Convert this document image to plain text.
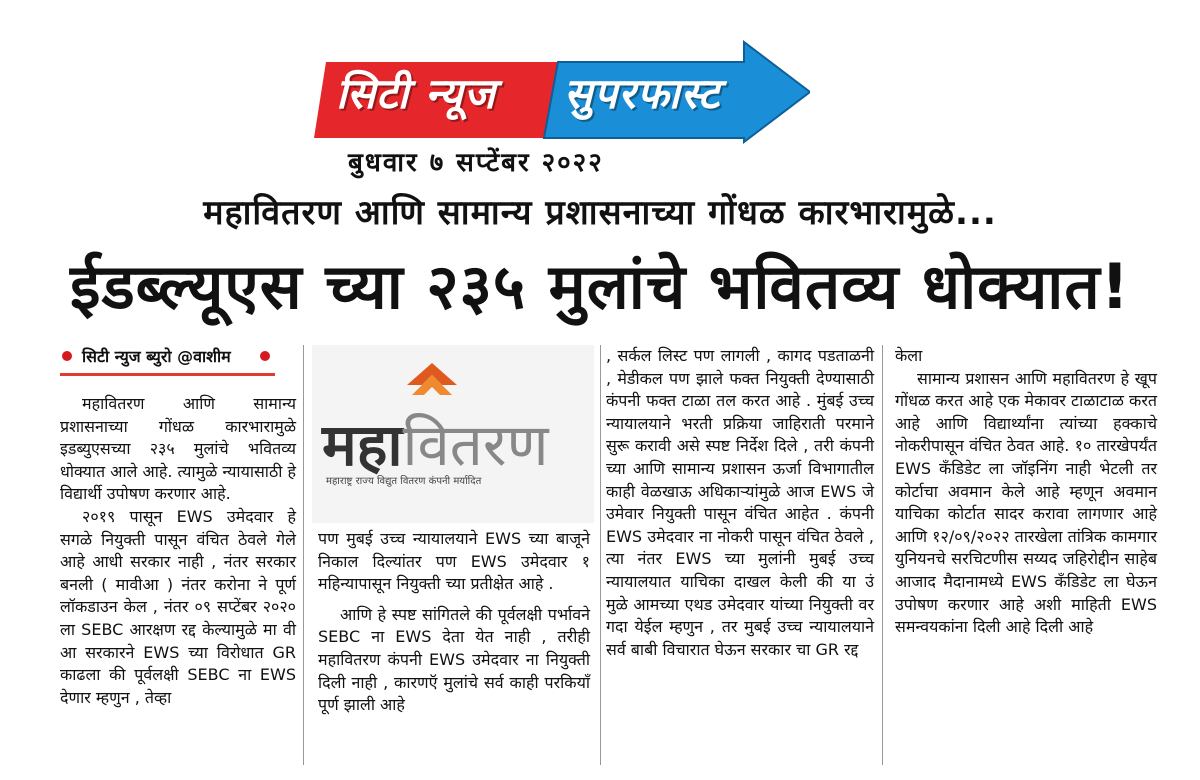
सिटी न्यूज सुपरफास्ट
बुधवार ७ सप्टेंबर २०२२
महावितरण आणि सामान्य प्रशासनाच्या गोंधळ कारभारामुळे...
ईडब्ल्यूएस च्या २३५ मुलांचे भवितव्य धोक्यात!
सिटी न्युज ब्युरो @वाशीम

महावितरण आणि सामान्य प्रशासनाच्या गोंधळ कारभारामुळे इडब्युएसच्या २३५ मुलांचे भवितव्य धोक्यात आले आहे. त्यामुळे न्यायासाठी हे विद्यार्थी उपोषण करणार आहे.

२०१९ पासून EWS उमेदवार हे सगळे नियुक्ती पासून वंचित ठेवले गेले आहे आधी सरकार नाही , नंतर सरकार बनली ( मावीआ ) नंतर करोना ने पूर्ण लॉकडाउन केल , नंतर ०९ सप्टेंबर २०२० ला SEBC आरक्षण रद्द केल्यामुळे मा वी आ सरकारने EWS च्या विरोधात GR काढला की पूर्वलक्षी SEBC ना EWS देणार म्हणुन , तेव्हा

महावितरण
महाराष्ट्र राज्य विद्युत वितरण कंपनी मर्यादित

पण मुबई उच्च न्यायालयाने EWS च्या बाजूने निकाल दिल्यांतर पण EWS उमेदवार १ महिन्यापासून नियुक्ती च्या प्रतीक्षेत आहे .

आणि हे स्पष्ट सांगितले की पूर्वलक्षी पर्भावने SEBC ना EWS देता येत नाही , तरीही महावितरण कंपनी EWS उमेदवार ना नियुक्ती दिली नाही , कारणऍ मुलांचे सर्व काही परकियाँ पूर्ण झाली आहे

, सर्कल लिस्ट पण लागली , कागद पडताळनी , मेडीकल पण झाले फक्त नियुक्ती देण्यासाठी कंपनी फक्त टाळा तल करत आहे . मुंबई उच्च न्यायालयाने भरती प्रक्रिया जाहिराती परमाने सुरू करावी असे स्पष्ट निर्देश दिले , तरी कंपनी च्या आणि सामान्य प्रशासन ऊर्जा विभागातील काही वेळखाऊ अधिकाऱ्यांमुळे आज EWS जे उमेवार नियुक्ती पासून वंचित आहेत . कंपनी EWS उमेदवार ना नोकरी पासून वंचित ठेवले , त्या नंतर EWS च्या मुलांनी मुबई उच्च न्यायालयात याचिका दाखल केली की या उं मुळे आमच्या एथड उमेदवार यांच्या नियुक्ती वर गदा येईल म्हणुन , तर मुबई उच्च न्यायालयाने सर्व बाबी विचारात घेऊन सरकार चा GR रद्द

केला

सामान्य प्रशासन आणि महावितरण हे खूप गोंधळ करत आहे एक मेकावर टाळाटाळ करत आहे आणि विद्यार्थ्यांना त्यांच्या हक्काचे नोकरीपासून वंचित ठेवत आहे. १० तारखेपर्यंत EWS कँडिडेट ला जॉइनिंग नाही भेटली तर कोर्टाचा अवमान केले आहे म्हणून अवमान याचिका कोर्टात सादर करावा लागणार आहे आणि १२/०९/२०२२ तारखेला तांत्रिक कामगार युनियनचे सरचिटणीस सय्यद जहिरोद्दीन साहेब आजाद मैदानामध्ये EWS कँडिडेट ला घेऊन उपोषण करणार आहे अशी माहिती EWS समन्वयकांना दिली आहे दिली आहे
